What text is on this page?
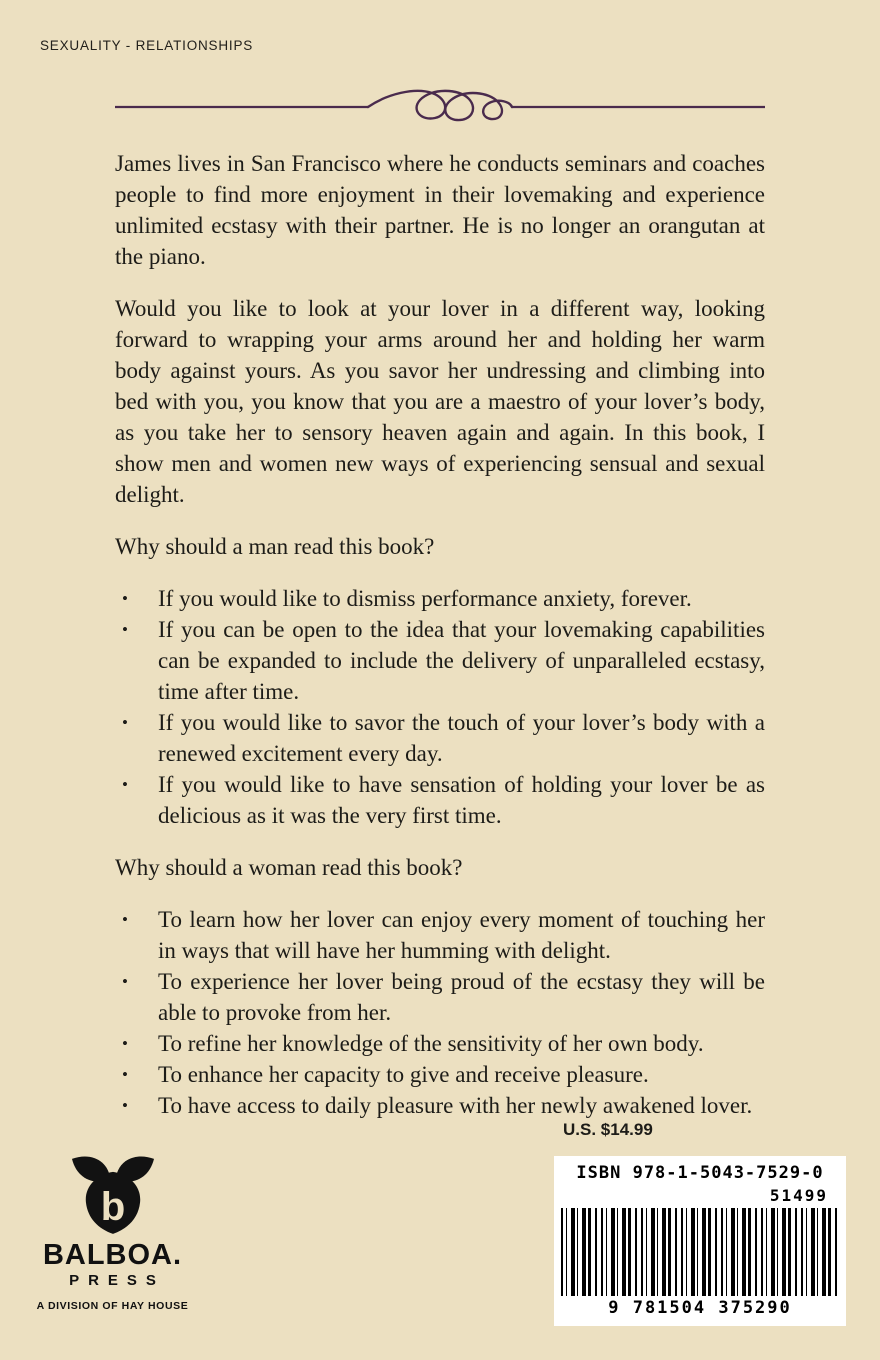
SEXUALITY - RELATIONSHIPS

James lives in San Francisco where he conducts seminars and coaches people to find more enjoyment in their lovemaking and experience unlimited ecstasy with their partner. He is no longer an orangutan at the piano.

Would you like to look at your lover in a different way, looking forward to wrapping your arms around her and holding her warm body against yours. As you savor her undressing and climbing into bed with you, you know that you are a maestro of your lover’s body, as you take her to sensory heaven again and again. In this book, I show men and women new ways of experiencing sensual and sexual delight.

Why should a man read this book?

•	If you would like to dismiss performance anxiety, forever.
•	If you can be open to the idea that your lovemaking capabilities can be expanded to include the delivery of unparalleled ecstasy, time after time.
•	If you would like to savor the touch of your lover’s body with a renewed excitement every day.
•	If you would like to have sensation of holding your lover be as delicious as it was the very first time.

Why should a woman read this book?

•	To learn how her lover can enjoy every moment of touching her in ways that will have her humming with delight.
•	To experience her lover being proud of the ecstasy they will be able to provoke from her.
•	To refine her knowledge of the sensitivity of her own body.
•	To enhance her capacity to give and receive pleasure.
•	To have access to daily pleasure with her newly awakened lover.
U.S. $14.99
ISBN 978-1-5043-7529-0
51499
9 781504 375290
b
BALBOA.
PRESS
A DIVISION OF HAY HOUSE
